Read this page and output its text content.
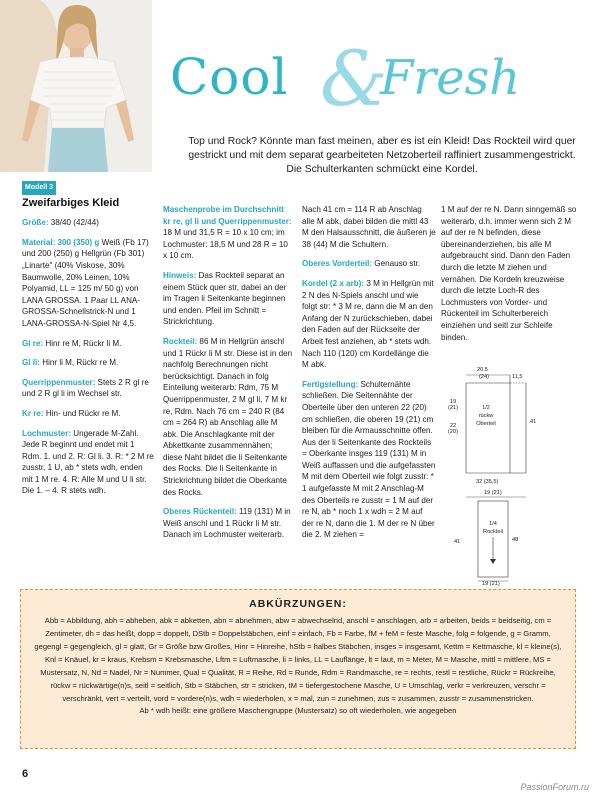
Cool &
Fresh
Top und Rock? Könnte man fast meinen, aber es ist ein Kleid! Das Rockteil wird quer gestrickt und mit dem separat gearbeiteten Netzoberteil raffiniert zusammengestrickt. Die Schulterkanten schmückt eine Kordel.
Modell 3
Zweifarbiges Kleid

Größe: 38/40 (42/44)

Material: 300 (350) g Weiß (Fb 17) und 200 (250) g Hellgrün (Fb 301) „Linarte" (40% Viskose, 30% Baumwolle, 20% Leinen, 10% Polyamid, LL = 125 m/ 50 g) von LANA GROSSA. 1 Paar LL ANA-GROSSA-Schnellstrick-N und 1 LANA-GROSSA-N-Spiel Nr 4,5.

Gl re: Hinr re M, Rückr li M.

Gl li: Hinr li M, Rückr re M.

Querrippenmuster: Stets 2 R gl re und 2 R gl li im Wechsel str.

Kr re: Hin- und Rückr re M.

Lochmuster: Ungerade M-Zahl. Jede R beginnt und endet mit 1 Rdm. 1. und 2. R: Gl li. 3. R: * 2 M re zusstr, 1 U, ab * stets wdh, enden mit 1 M re. 4. R: Alle M und U li str. Die 1. – 4. R stets wdh.

Maschenprobe im Durchschnitt kr re, gl li und Querrippenmuster: 18 M und 31,5 R = 10 x 10 cm; im Lochmuster: 18,5 M und 28 R = 10 x 10 cm.

Hinweis: Das Rockteil separat an einem Stück quer str, dabei an der im Tragen li Seitenkante beginnen und enden. Pfeil im Schnitt = Strickrichtung.

Rockteil: 86 M in Hellgrün anschl und 1 Rückr li M str. Diese ist in den nachfolg Berechnungen nicht berücksichtigt. Danach in folg Einteilung weiterarb: Rdm, 75 M Querrippenmuster, 2 M gl li, 7 M kr re, Rdm. Nach 76 cm = 240 R (84 cm = 264 R) ab Anschlag alle M abk. Die Anschlagkante mit der Abkettkante zusammennähen; diese Naht bildet die li Seitenkante des Rocks. Die li Seitenkante in Strickrichtung bildet die Oberkante des Rocks.

Oberes Rückenteil: 119 (131) M in Weiß anschl und 1 Rückr li M str. Danach im Lochmuster weiterarb.

Nach 41 cm = 114 R ab Anschlag alle M abk, dabei bilden die mittl 43 M den Halsausschnitt, die äußeren je 38 (44) M die Schultern.

Oberes Vorderteil: Genauso str.

Kordel (2 x arb): 3 M in Hellgrün mit 2 N des N-Spiels anschl und wie folgt str: * 3 M re, dann die M an den Anfang der N zurückschieben, dabei den Faden auf der Rückseite der Arbeit fest anziehen, ab * stets wdh. Nach 110 (120) cm Kordellänge die M abk.

Fertigstellung: Schulternähte schließen. Die Seitennähte der Oberteile über den unteren 22 (20) cm schließen, die oberen 19 (21) cm bleiben für die Armausschnitte offen. Aus der li Seitenkante des Rockteils = Oberkante insges 119 (131) M in Weiß auffassen und die aufgefassten M mit dem Oberteil wie folgt zusstr: * 1 aufgefasste M mit 2 Anschlag-M des Oberteils re zusstr = 1 M auf der re N, ab * noch 1 x wdh = 2 M auf der re N, dann die 1. M der re N über die 2. M ziehen =

1 M auf der re N. Dann sinngemäß so weiterarb, d.h. immer wenn sich 2 M auf der re N befinden, diese übereinanderziehen, bis alle M aufgebraucht sind. Dann den Faden durch die letzte M ziehen und vernähen. Die Kordeln kreuzweise durch die letzte Loch-R des Lochmusters von Vorder- und Rückenteil im Schulterbereich einziehen und seitl zur Schleife binden.

20,5
(24)	11,5
1/2
rückw
Oberteil
19
(21)
22
(20)
41
32 (35,5)
19 (21)
1/4
Rockteil
41	48
19 (21)
ABKÜRZUNGEN:
Abb = Abbildung, abh = abheben, abk = abketten, abn = abnehmen, abw = abwechselnd, anschl = anschlagen, arb = arbeiten, beids = beidseitig, cm = Zentimeter, dh = das heißt, dopp = doppelt, DStb = Doppelstäbchen, einf = einfach, Fb = Farbe, fM + feM = feste Masche, folg = folgende, g = Gramm, gegengl = gegengleich, gl = glatt, Gr = Größe bzw Großes, Hinr = Hinreihe, hStb = halbes Stäbchen, insges = insgesamt, Kettm = Kettmasche, kl = kleine(s), Knl = Knäuel, kr = kraus, Krebsm = Krebsmasche, Lftm = Luftmasche, li = links, LL = Lauflänge, lt = laut, m = Meter, M = Masche, mittl = mittlere, MS = Mustersatz, N, Nd = Nadel, Nr = Nummer, Qual = Qualität, R = Reihe, Rd = Runde, Rdm = Randmasche, re = rechts, restl = restliche, Rückr = Rückreihe, rückw = rückwärtige(n)s, seitl = seitlich, Stb = Stäbchen, str = stricken, tM = tiefergestochene Masche, U = Umschlag, verkr = verkreuzen, verschr = verschränkt, vert = verteilt, vord = vordere(n)s, wdh = wiederholen, x = mal, zun = zunehmen, zus = zusammen, zusstr = zusammenstricken.
Ab * wdh heißt: eine größere Maschengruppe (Mustersatz) so oft wiederholen, wie angegeben
6
PassionForum.ru
